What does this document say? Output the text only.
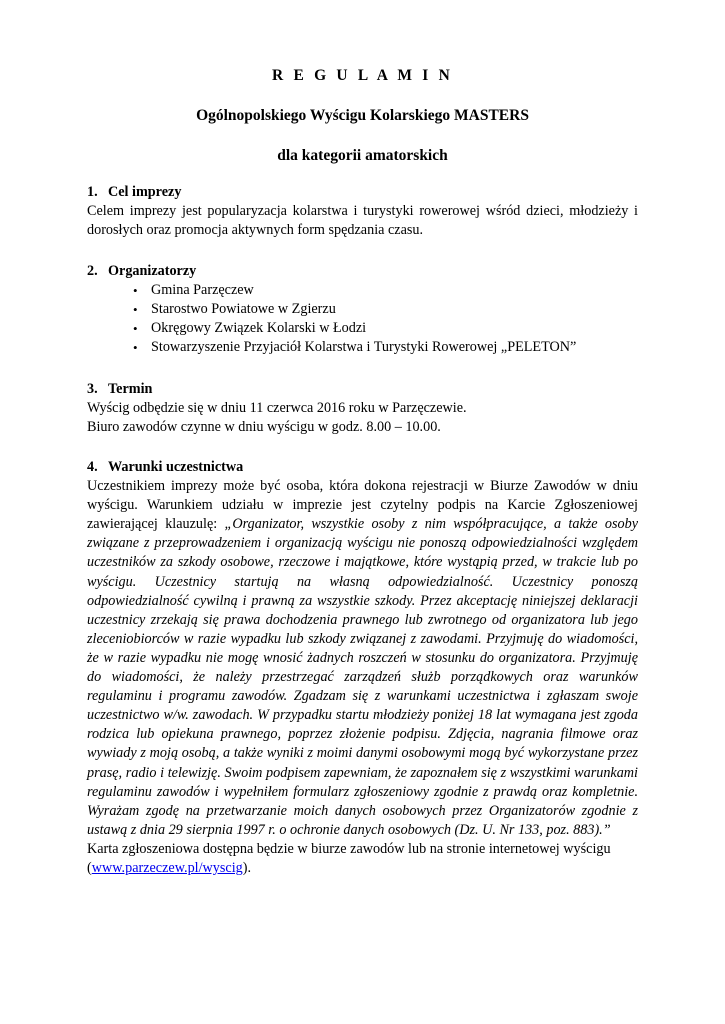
R E G U L A M I N
Ogólnopolskiego Wyścigu Kolarskiego MASTERS
dla kategorii amatorskich

1. Cel imprezy

Celem imprezy jest popularyzacja kolarstwa i turystyki rowerowej wśród dzieci, młodzieży i dorosłych oraz promocja aktywnych form spędzania czasu.

2. Organizatorzy

• Gmina Parzęczew
• Starostwo Powiatowe w Zgierzu
• Okręgowy Związek Kolarski w Łodzi
• Stowarzyszenie Przyjaciół Kolarstwa i Turystyki Rowerowej „PELETON”

3. Termin

Wyścig odbędzie się w dniu 11 czerwca 2016 roku w Parzęczewie.

Biuro zawodów czynne w dniu wyścigu w godz. 8.00 – 10.00.

4. Warunki uczestnictwa

Uczestnikiem imprezy może być osoba, która dokona rejestracji w Biurze Zawodów w dniu wyścigu. Warunkiem udziału w imprezie jest czytelny podpis na Karcie Zgłoszeniowej zawierającej klauzulę: „Organizator, wszystkie osoby z nim współpracujące, a także osoby związane z przeprowadzeniem i organizacją wyścigu nie ponoszą odpowiedzialności względem uczestników za szkody osobowe, rzeczowe i majątkowe, które wystąpią przed, w trakcie lub po wyścigu. Uczestnicy startują na własną odpowiedzialność. Uczestnicy ponoszą odpowiedzialność cywilną i prawną za wszystkie szkody. Przez akceptację niniejszej deklaracji uczestnicy zrzekają się prawa dochodzenia prawnego lub zwrotnego od organizatora lub jego zleceniobiorców w razie wypadku lub szkody związanej z zawodami. Przyjmuję do wiadomości, że w razie wypadku nie mogę wnosić żadnych roszczeń w stosunku do organizatora. Przyjmuję do wiadomości, że należy przestrzegać zarządzeń służb porządkowych oraz warunków regulaminu i programu zawodów. Zgadzam się z warunkami uczestnictwa i zgłaszam swoje uczestnictwo w/w. zawodach. W przypadku startu młodzieży poniżej 18 lat wymagana jest zgoda rodzica lub opiekuna prawnego, poprzez złożenie podpisu. Zdjęcia, nagrania filmowe oraz wywiady z moją osobą, a także wyniki z moimi danymi osobowymi mogą być wykorzystane przez prasę, radio i telewizję. Swoim podpisem zapewniam, że zapoznałem się z wszystkimi warunkami regulaminu zawodów i wypełniłem formularz zgłoszeniowy zgodnie z prawdą oraz kompletnie. Wyrażam zgodę na przetwarzanie moich danych osobowych przez Organizatorów zgodnie z ustawą z dnia 29 sierpnia 1997 r. o ochronie danych osobowych (Dz. U. Nr 133, poz. 883).”

Karta zgłoszeniowa dostępna będzie w biurze zawodów lub na stronie internetowej wyścigu
(www.parzeczew.pl/wyscig).
